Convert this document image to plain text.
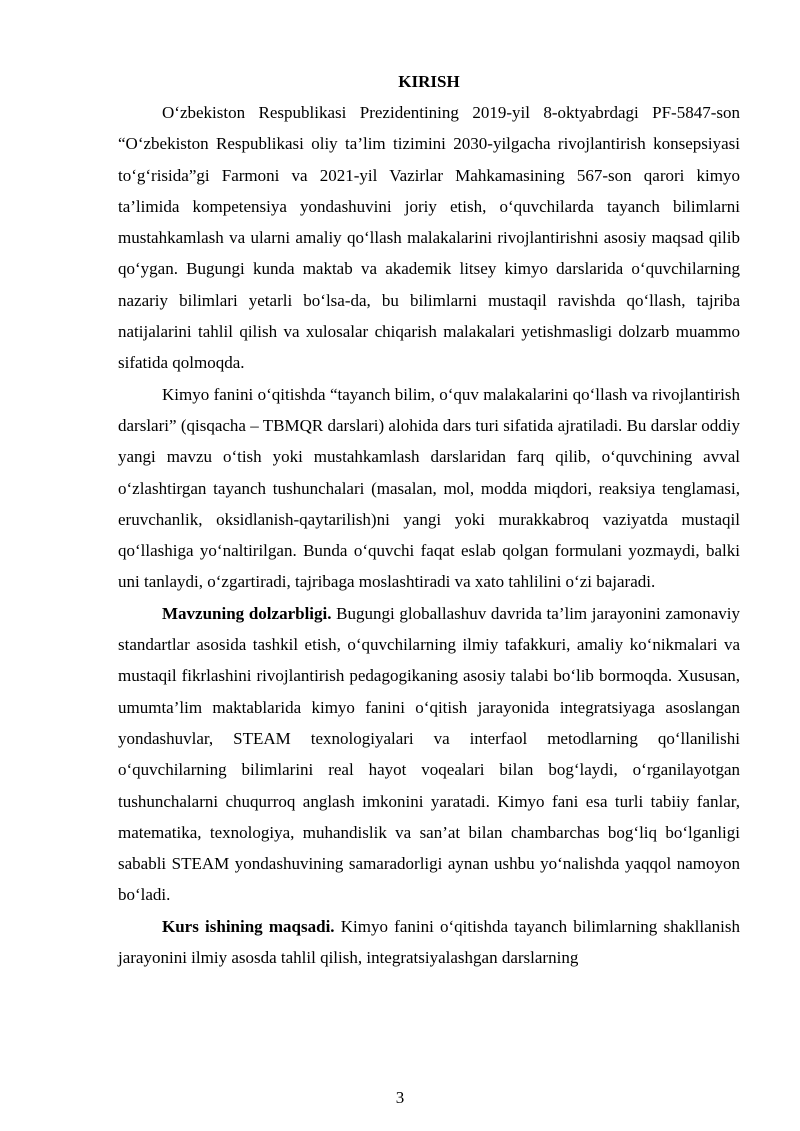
KIRISH

O‘zbekiston Respublikasi Prezidentining 2019-yil 8-oktyabrdagi PF-5847-son “O‘zbekiston Respublikasi oliy ta’lim tizimini 2030-yilgacha rivojlantirish konsepsiyasi to‘g‘risida”gi Farmoni va 2021-yil Vazirlar Mahkamasining 567-son qarori kimyo ta’limida kompetensiya yondashuvini joriy etish, o‘quvchilarda tayanch bilimlarni mustahkamlash va ularni amaliy qo‘llash malakalarini rivojlantirishni asosiy maqsad qilib qo‘ygan. Bugungi kunda maktab va akademik litsey kimyo darslarida o‘quvchilarning nazariy bilimlari yetarli bo‘lsa-da, bu bilimlarni mustaqil ravishda qo‘llash, tajriba natijalarini tahlil qilish va xulosalar chiqarish malakalari yetishmasligi dolzarb muammo sifatida qolmoqda.

Kimyo fanini o‘qitishda “tayanch bilim, o‘quv malakalarini qo‘llash va rivojlantirish darslari” (qisqacha – TBMQR darslari) alohida dars turi sifatida ajratiladi. Bu darslar oddiy yangi mavzu o‘tish yoki mustahkamlash darslaridan farq qilib, o‘quvchining avval o‘zlashtirgan tayanch tushunchalari (masalan, mol, modda miqdori, reaksiya tenglamasi, eruvchanlik, oksidlanish-qaytarilish)ni yangi yoki murakkabroq vaziyatda mustaqil qo‘llashiga yo‘naltirilgan. Bunda o‘quvchi faqat eslab qolgan formulani yozmaydi, balki uni tanlaydi, o‘zgartiradi, tajribaga moslashtiradi va xato tahlilini o‘zi bajaradi.

Mavzuning dolzarbligi. Bugungi globallashuv davrida ta’lim jarayonini zamonaviy standartlar asosida tashkil etish, o‘quvchilarning ilmiy tafakkuri, amaliy ko‘nikmalari va mustaqil fikrlashini rivojlantirish pedagogikaning asosiy talabi bo‘lib bormoqda. Xususan, umumta’lim maktablarida kimyo fanini o‘qitish jarayonida integratsiyaga asoslangan yondashuvlar, STEAM texnologiyalari va interfaol metodlarning qo‘llanilishi o‘quvchilarning bilimlarini real hayot voqealari bilan bog‘laydi, o‘rganilayotgan tushunchalarni chuqurroq anglash imkonini yaratadi. Kimyo fani esa turli tabiiy fanlar, matematika, texnologiya, muhandislik va san’at bilan chambarchas bog‘liq bo‘lganligi sababli STEAM yondashuvining samaradorligi aynan ushbu yo‘nalishda yaqqol namoyon bo‘ladi.

Kurs ishining maqsadi. Kimyo fanini o‘qitishda tayanch bilimlarning shakllanish jarayonini ilmiy asosda tahlil qilish, integratsiyalashgan darslarning

3
